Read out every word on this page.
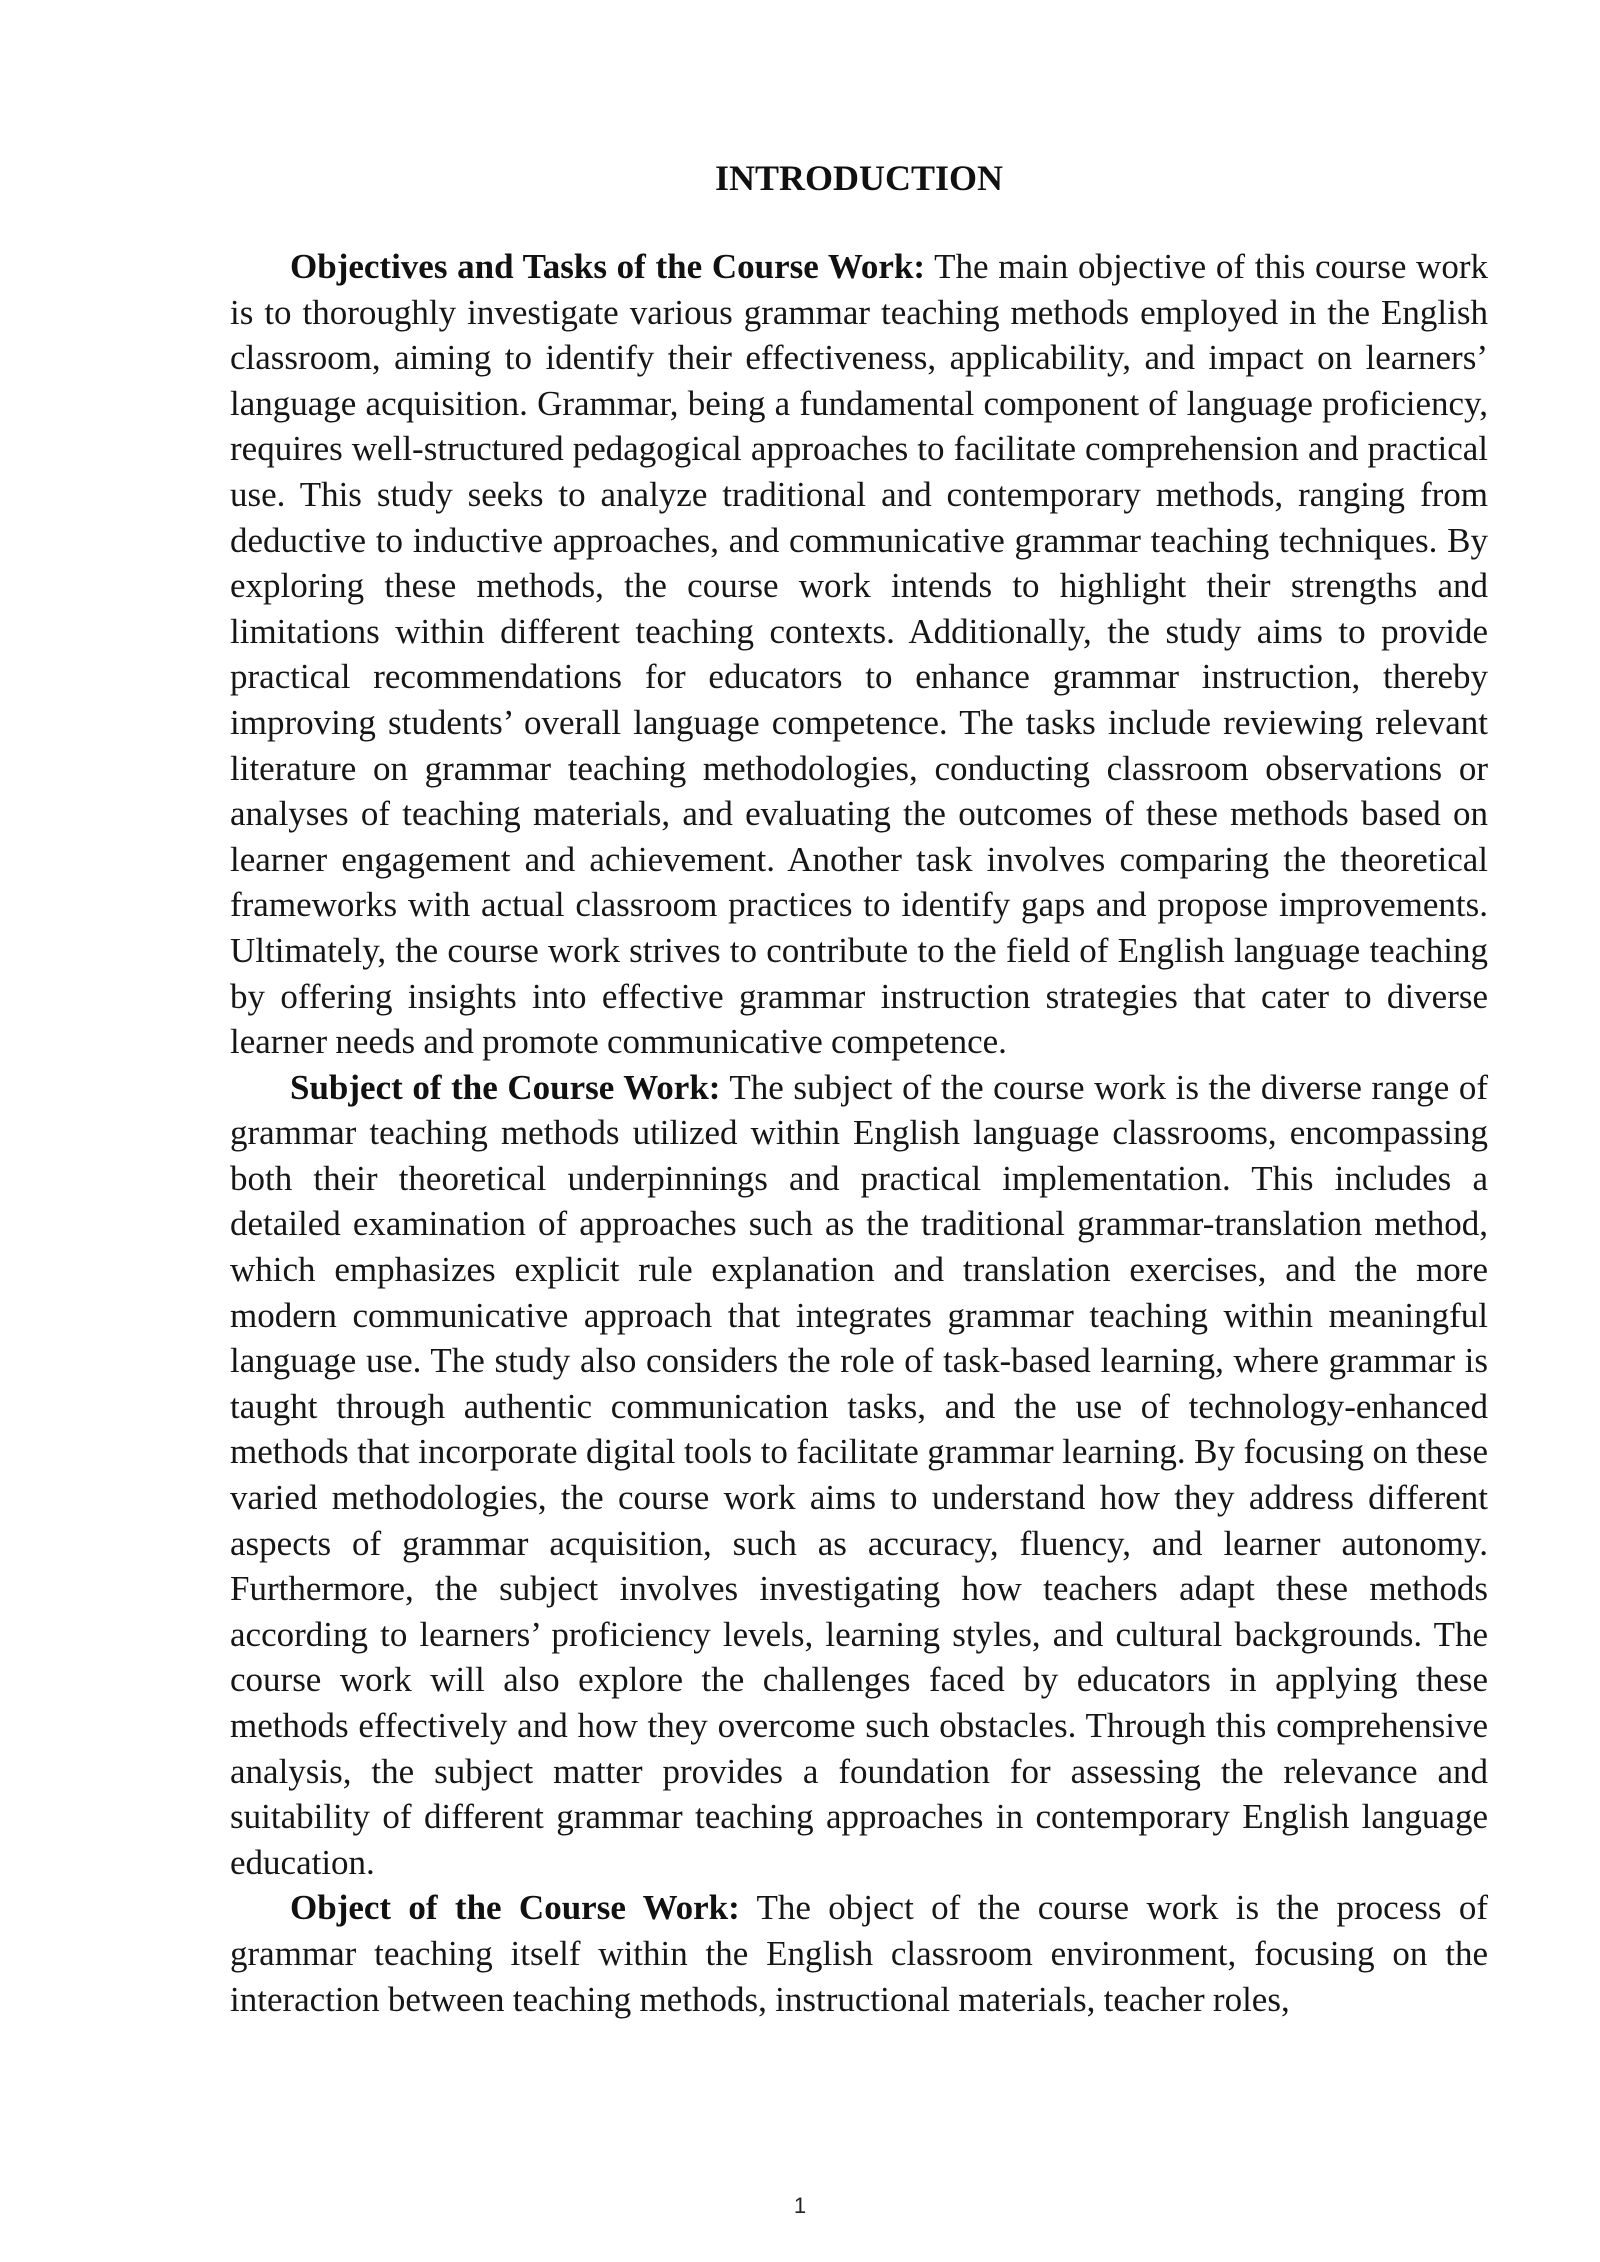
INTRODUCTION

Objectives and Tasks of the Course Work: The main objective of this course work is to thoroughly investigate various grammar teaching methods employed in the English classroom, aiming to identify their effectiveness, applicability, and impact on learners’ language acquisition. Grammar, being a fundamental component of language proficiency, requires well-structured pedagogical approaches to facilitate comprehension and practical use. This study seeks to analyze traditional and contemporary methods, ranging from deductive to inductive approaches, and communicative grammar teaching techniques. By exploring these methods, the course work intends to highlight their strengths and limitations within different teaching contexts. Additionally, the study aims to provide practical recommendations for educators to enhance grammar instruction, thereby improving students’ overall language competence. The tasks include reviewing relevant literature on grammar teaching methodologies, conducting classroom observations or analyses of teaching materials, and evaluating the outcomes of these methods based on learner engagement and achievement. Another task involves comparing the theoretical frameworks with actual classroom practices to identify gaps and propose improvements. Ultimately, the course work strives to contribute to the field of English language teaching by offering insights into effective grammar instruction strategies that cater to diverse learner needs and promote communicative competence.

Subject of the Course Work: The subject of the course work is the diverse range of grammar teaching methods utilized within English language classrooms, encompassing both their theoretical underpinnings and practical implementation. This includes a detailed examination of approaches such as the traditional grammar-translation method, which emphasizes explicit rule explanation and translation exercises, and the more modern communicative approach that integrates grammar teaching within meaningful language use. The study also considers the role of task-based learning, where grammar is taught through authentic communication tasks, and the use of technology-enhanced methods that incorporate digital tools to facilitate grammar learning. By focusing on these varied methodologies, the course work aims to understand how they address different aspects of grammar acquisition, such as accuracy, fluency, and learner autonomy. Furthermore, the subject involves investigating how teachers adapt these methods according to learners’ proficiency levels, learning styles, and cultural backgrounds. The course work will also explore the challenges faced by educators in applying these methods effectively and how they overcome such obstacles. Through this comprehensive analysis, the subject matter provides a foundation for assessing the relevance and suitability of different grammar teaching approaches in contemporary English language education.

Object of the Course Work: The object of the course work is the process of grammar teaching itself within the English classroom environment, focusing on the interaction between teaching methods, instructional materials, teacher roles,

1
